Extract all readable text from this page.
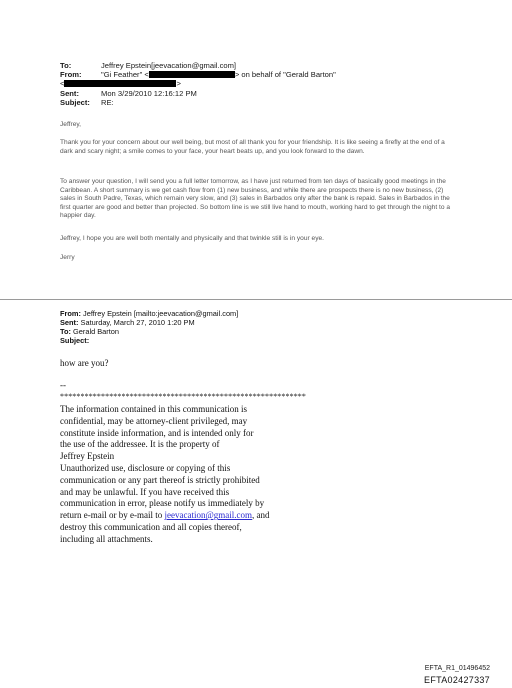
To:	Jeffrey Epstein[jeevacation@gmail.com]
From:	"Gi Feather" <	> on behalf of "Gerald Barton"
<	>
Sent:	Mon 3/29/2010 12:16:12 PM
Subject: RE:
Jeffrey,
Thank you for your concern about our well being, but most of all thank you for your friendship. It is like seeing a firefly at the end of a dark and scary night; a smile comes to your face, your heart beats up, and you look forward to the dawn.
To answer your question, I will send you a full letter tomorrow, as I have just returned from ten days of basically good meetings in the Caribbean. A short summary is we get cash flow from (1) new business, and while there are prospects there is no new business, (2) sales in South Padre, Texas, which remain very slow, and (3) sales in Barbados only after the bank is repaid. Sales in Barbados in the first quarter are good and better than projected. So bottom line is we still live hand to mouth, working hard to get through the night to a happier day.
Jeffrey, I hope you are well both mentally and physically and that twinkle still is in your eye.
Jerry
From: Jeffrey Epstein [mailto:jeevacation@gmail.com]
Sent: Saturday, March 27, 2010 1:20 PM
To: Gerald Barton
Subject:
how are you?
--
************************************************************
The information contained in this communication is
confidential, may be attorney-client privileged, may
constitute inside information, and is intended only for
the use of the addressee. It is the property of
Jeffrey Epstein
Unauthorized use, disclosure or copying of this
communication or any part thereof is strictly prohibited
and may be unlawful. If you have received this
communication in error, please notify us immediately by
return e-mail or by e-mail to jeevacation@gmail.com, and
destroy this communication and all copies thereof,
including all attachments.
EFTA_R1_01496452
EFTA02427337
